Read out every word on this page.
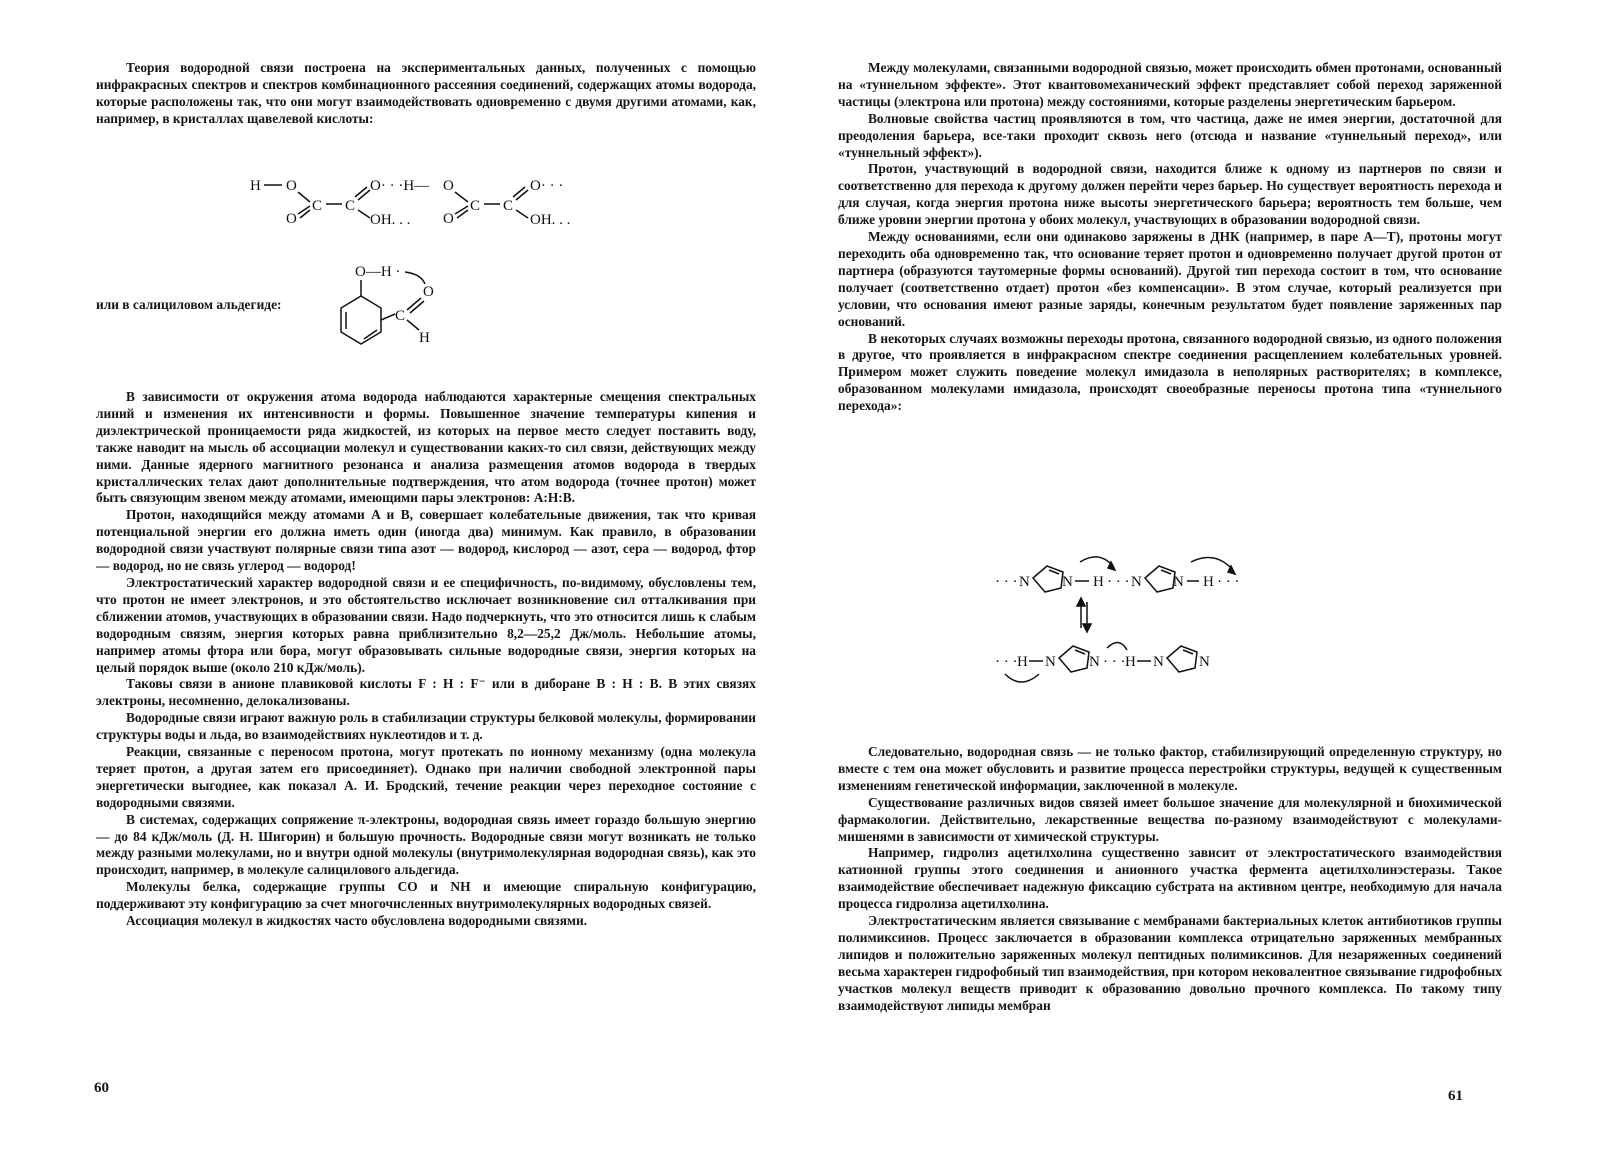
Теория водородной связи построена на экспериментальных данных, полученных с помощью инфракрасных спектров и спектров комбинационного рассеяния соединений, содержащих атомы водорода, которые расположены так, что они могут взаимодействовать одновременно с двумя другими атомами, как, например, в кристаллах щавелевой кислоты:

H O
O
C C
O· · ·H—
OH. . .
O
O
C C
O· · ·
OH. . .
или в салициловом альдегиде:
O—H ·
O
C
H

В зависимости от окружения атома водорода наблюдаются характерные смещения спектральных линий и изменения их интенсивности и формы. Повышенное значение температуры кипения и диэлектрической проницаемости ряда жидкостей, из которых на первое место следует поставить воду, также наводит на мысль об ассоциации молекул и существовании каких-то сил связи, действующих между ними. Данные ядерного магнитного резонанса и анализа размещения атомов водорода в твердых кристаллических телах дают дополнительные подтверждения, что атом водорода (точнее протон) может быть связующим звеном между атомами, имеющими пары электронов: A:H:B.

Протон, находящийся между атомами A и B, совершает колебательные движения, так что кривая потенциальной энергии его должна иметь один (иногда два) минимум. Как правило, в образовании водородной связи участвуют полярные связи типа азот — водород, кислород — азот, сера — водород, фтор — водород, но не связь углерод — водород!

Электростатический характер водородной связи и ее специфичность, по-видимому, обусловлены тем, что протон не имеет электронов, и это обстоятельство исключает возникновение сил отталкивания при сближении атомов, участвующих в образовании связи. Надо подчеркнуть, что это относится лишь к слабым водородным связям, энергия которых равна приблизительно 8,2—25,2 Дж/моль. Небольшие атомы, например атомы фтора или бора, могут образовывать сильные водородные связи, энергия которых на целый порядок выше (около 210 кДж/моль).

Таковы связи в анионе плавиковой кислоты F : H : F⁻ или в диборане B : H : B. В этих связях электроны, несомненно, делокализованы.

Водородные связи играют важную роль в стабилизации структуры белковой молекулы, формировании структуры воды и льда, во взаимодействиях нуклеотидов и т. д.

Реакции, связанные с переносом протона, могут протекать по ионному механизму (одна молекула теряет протон, а другая затем его присоединяет). Однако при наличии свободной электронной пары энергетически выгоднее, как показал А. И. Бродский, течение реакции через переходное состояние с водородными связями.

В системах, содержащих сопряжение π-электроны, водородная связь имеет гораздо большую энергию — до 84 кДж/моль (Д. Н. Шигорин) и большую прочность. Водородные связи могут возникать не только между разными молекулами, но и внутри одной молекулы (внутримолекулярная водородная связь), как это происходит, например, в молекуле салицилового альдегида.

Молекулы белка, содержащие группы CO и NH и имеющие спиральную конфигурацию, поддерживают эту конфигурацию за счет многочисленных внутримолекулярных водородных связей.

Ассоциация молекул в жидкостях часто обусловлена водородными связями.

60

Между молекулами, связанными водородной связью, может происходить обмен протонами, основанный на «туннельном эффекте». Этот квантовомеханический эффект представляет собой переход заряженной частицы (электрона или протона) между состояниями, которые разделены энергетическим барьером.

Волновые свойства частиц проявляются в том, что частица, даже не имея энергии, достаточной для преодоления барьера, все-таки проходит сквозь него (отсюда и название «туннельный переход», или «туннельный эффект»).

Протон, участвующий в водородной связи, находится ближе к одному из партнеров по связи и соответственно для перехода к другому должен перейти через барьер. Но существует вероятность перехода и для случая, когда энергия протона ниже высоты энергетического барьера; вероятность тем больше, чем ближе уровни энергии протона у обоих молекул, участвующих в образовании водородной связи.

Между основаниями, если они одинаково заряжены в ДНК (например, в паре A—T), протоны могут переходить оба одновременно так, что основание теряет протон и одновременно получает другой протон от партнера (образуются таутомерные формы оснований). Другой тип перехода состоит в том, что основание получает (соответственно отдает) протон «без компенсации». В этом случае, который реализуется при условии, что основания имеют разные заряды, конечным результатом будет появление заряженных пар оснований.

В некоторых случаях возможны переходы протона, связанного водородной связью, из одного положения в другое, что проявляется в инфракрасном спектре соединения расщеплением колебательных уровней. Примером может служить поведение молекул имидазола в неполярных растворителях; в комплексе, образованном молекулами имидазола, происходят своеобразные переносы протона типа «туннельного перехода»:

· · · N N H · · · N N H · · ·
· · · H N N · · · H N N

Следовательно, водородная связь — не только фактор, стабилизирующий определенную структуру, но вместе с тем она может обусловить и развитие процесса перестройки структуры, ведущей к существенным изменениям генетической информации, заключенной в молекуле.

Существование различных видов связей имеет большое значение для молекулярной и биохимической фармакологии. Действительно, лекарственные вещества по-разному взаимодействуют с молекулами-мишенями в зависимости от химической структуры.

Например, гидролиз ацетилхолина существенно зависит от электростатического взаимодействия катионной группы этого соединения и анионного участка фермента ацетилхолинэстеразы. Такое взаимодействие обеспечивает надежную фиксацию субстрата на активном центре, необходимую для начала процесса гидролиза ацетилхолина.

Электростатическим является связывание с мембранами бактериальных клеток антибиотиков группы полимиксинов. Процесс заключается в образовании комплекса отрицательно заряженных мембранных липидов и положительно заряженных молекул пептидных полимиксинов. Для незаряженных соединений весьма характерен гидрофобный тип взаимодействия, при котором нековалентное связывание гидрофобных участков молекул веществ приводит к образованию довольно прочного комплекса. По такому типу взаимодействуют липиды мембран

61
